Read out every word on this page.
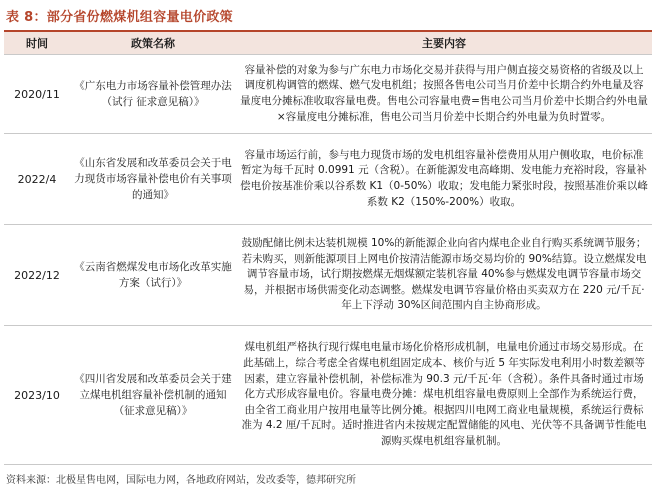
表 8：部分省份燃煤机组容量电价政策
时间	政策名称	主要内容
2020/11
《广东电力市场容量补偿管理办法（试行 征求意见稿）》
容量补偿的对象为参与广东电力市场化交易并获得与用户侧直接交易资格的省级及以上调度机构调管的燃煤、燃气发电机组；按照各售电公司当月价差中长期合约外电量及容量度电分摊标准收取容量电费。售电公司容量电费=售电公司当月价差中长期合约外电量×容量度电分摊标准，售电公司当月价差中长期合约外电量为负时置零。
2022/4
《山东省发展和改革委员会关于电力现货市场容量补偿电价有关事项的通知》
容量市场运行前，参与电力现货市场的发电机组容量补偿费用从用户侧收取，电价标准暂定为每千瓦时 0.0991 元（含税）。在新能源发电高峰期、发电能力充裕时段，容量补偿电价按基准价乘以谷系数 K1（0-50%）收取；发电能力紧张时段，按照基准价乘以峰系数 K2（150%-200%）收取。
2022/12
《云南省燃煤发电市场化改革实施方案（试行）》
鼓励配储比例未达装机规模 10%的新能源企业向省内煤电企业自行购买系统调节服务；若未购买，则新能源项目上网电价按清洁能源市场交易均价的 90%结算。设立燃煤发电调节容量市场，试行期按燃煤无烟煤额定装机容量 40%参与燃煤发电调节容量市场交易，并根据市场供需变化动态调整。燃煤发电调节容量价格由买卖双方在 220 元/千瓦·年上下浮动 30%区间范围内自主协商形成。
2023/10
《四川省发展和改革委员会关于建立煤电机组容量补偿机制的通知（征求意见稿）》
煤电机组严格执行现行煤电电量市场化价格形成机制，电量电价通过市场交易形成。在此基础上，综合考虑全省煤电机组固定成本、核价与近 5 年实际发电利用小时数差额等因素，建立容量补偿机制，补偿标准为 90.3 元/千瓦·年（含税）。条件具备时通过市场化方式形成容量电价。容量电费分摊：煤电机组容量电费原则上全部作为系统运行费，由全省工商业用户按用电量等比例分摊。根据四川电网工商业电量规模，系统运行费标准为 4.2 厘/千瓦时。适时推进省内未按规定配置储能的风电、光伏等不具备调节性能电源购买煤电机组容量机制。
资料来源：北极星售电网，国际电力网，各地政府网站，发改委等，德邦研究所
